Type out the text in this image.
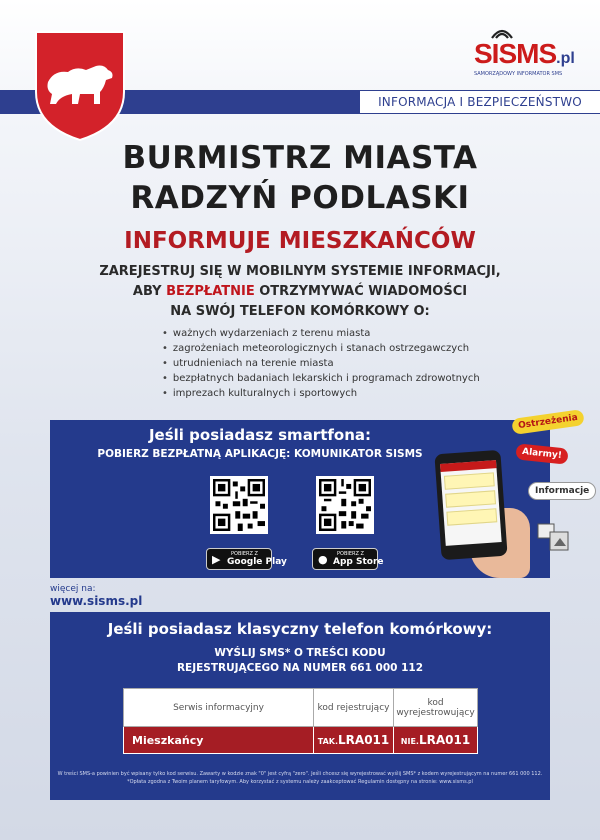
INFORMACJA I BEZPIECZEŃSTWO
SISMS.pl
SAMORZĄDOWY INFORMATOR SMS
BURMISTRZ MIASTA
RADZYŃ PODLASKI
INFORMUJE MIESZKAŃCÓW
ZAREJESTRUJ SIĘ W MOBILNYM SYSTEMIE INFORMACJI,
ABY BEZPŁATNIE OTRZYMYWAĆ WIADOMOŚCI
NA SWÓJ TELEFON KOMÓRKOWY O:
• ważnych wydarzeniach z terenu miasta
• zagrożeniach meteorologicznych i stanach ostrzegawczych
• utrudnieniach na terenie miasta
• bezpłatnych badaniach lekarskich i programach zdrowotnych
• imprezach kulturalnych i sportowych
Jeśli posiadasz smartfona:
POBIERZ BEZPŁATNĄ APLIKACJĘ: KOMUNIKATOR SISMS
▶ POBIERZ Z
Google Play	● POBIERZ Z
App Store
Ostrzeżenia
Alarmy!
Informacje
więcej na:
www.sisms.pl
Jeśli posiadasz klasyczny telefon komórkowy:
WYŚLIJ SMS* O TREŚCI KODU
REJESTRUJĄCEGO NA NUMER 661 000 112
Serwis informacyjny	kod rejestrujący	kod wyrejestrowujący
Mieszkańcy	TAK.LRA011	NIE.LRA011
W treści SMS-a powinien być wpisany tylko kod serwisu. Zawarty w kodzie znak "0" jest cyfrą "zero". Jeśli chcesz się wyrejestrować wyślij SMS* z kodem wyrejestrującym na numer 661 000 112.
*Opłata zgodna z Twoim planem taryfowym. Aby korzystać z systemu należy zaakceptować Regulamin dostępny na stronie: www.sisms.pl
